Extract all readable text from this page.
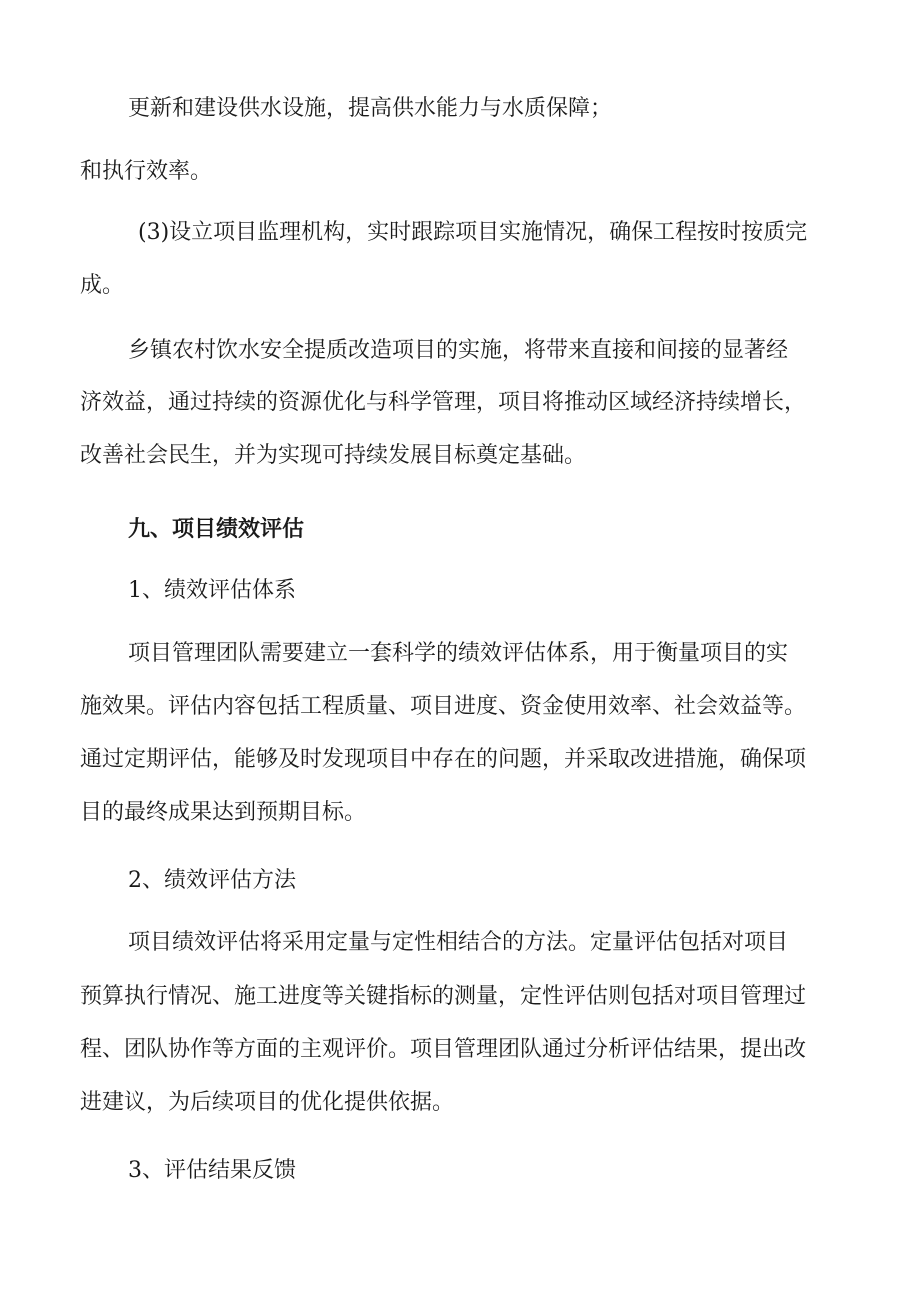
更新和建设供水设施，提高供水能力与水质保障；
和执行效率。
(3)设立项目监理机构，实时跟踪项目实施情况，确保工程按时按质完
成。
乡镇农村饮水安全提质改造项目的实施，将带来直接和间接的显著经
济效益，通过持续的资源优化与科学管理，项目将推动区域经济持续增长，
改善社会民生，并为实现可持续发展目标奠定基础。
九、项目绩效评估
1、绩效评估体系
项目管理团队需要建立一套科学的绩效评估体系，用于衡量项目的实
施效果。评估内容包括工程质量、项目进度、资金使用效率、社会效益等。
通过定期评估，能够及时发现项目中存在的问题，并采取改进措施，确保项
目的最终成果达到预期目标。
2、绩效评估方法
项目绩效评估将采用定量与定性相结合的方法。定量评估包括对项目
预算执行情况、施工进度等关键指标的测量，定性评估则包括对项目管理过
程、团队协作等方面的主观评价。项目管理团队通过分析评估结果，提出改
进建议，为后续项目的优化提供依据。
3、评估结果反馈
